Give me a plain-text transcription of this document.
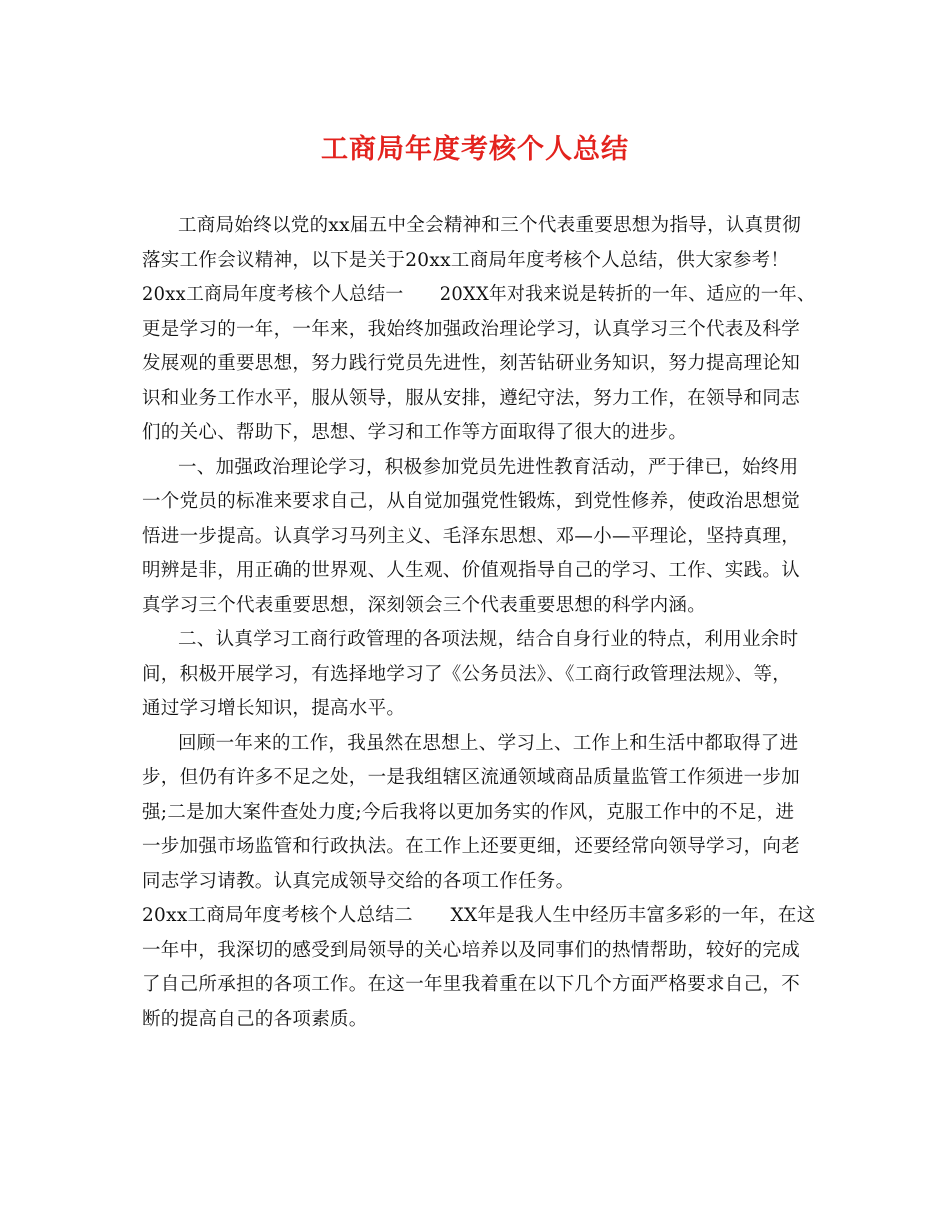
工商局年度考核个人总结
工商局始终以党的xx届五中全会精神和三个代表重要思想为指导，认真贯彻
落实工作会议精神，以下是关于20xx工商局年度考核个人总结，供大家参考！
20xx工商局年度考核个人总结一　　20XX年对我来说是转折的一年、适应的一年、
更是学习的一年，一年来，我始终加强政治理论学习，认真学习三个代表及科学
发展观的重要思想，努力践行党员先进性，刻苦钻研业务知识，努力提高理论知
识和业务工作水平，服从领导，服从安排，遵纪守法，努力工作，在领导和同志
们的关心、帮助下，思想、学习和工作等方面取得了很大的进步。
一、加强政治理论学习，积极参加党员先进性教育活动，严于律已，始终用
一个党员的标准来要求自己，从自觉加强党性锻炼，到党性修养，使政治思想觉
悟进一步提高。认真学习马列主义、毛泽东思想、邓—小—平理论，坚持真理，
明辨是非，用正确的世界观、人生观、价值观指导自己的学习、工作、实践。认
真学习三个代表重要思想，深刻领会三个代表重要思想的科学内涵。
二、认真学习工商行政管理的各项法规，结合自身行业的特点，利用业余时
间，积极开展学习，有选择地学习了《公务员法》、《工商行政管理法规》、等，
通过学习增长知识，提高水平。
回顾一年来的工作，我虽然在思想上、学习上、工作上和生活中都取得了进
步，但仍有许多不足之处，一是我组辖区流通领域商品质量监管工作须进一步加
强;二是加大案件查处力度;今后我将以更加务实的作风，克服工作中的不足，进
一步加强市场监管和行政执法。在工作上还要更细，还要经常向领导学习，向老
同志学习请教。认真完成领导交给的各项工作任务。
20xx工商局年度考核个人总结二　　XX年是我人生中经历丰富多彩的一年，在这
一年中，我深切的感受到局领导的关心培养以及同事们的热情帮助，较好的完成
了自己所承担的各项工作。在这一年里我着重在以下几个方面严格要求自己，不
断的提高自己的各项素质。
